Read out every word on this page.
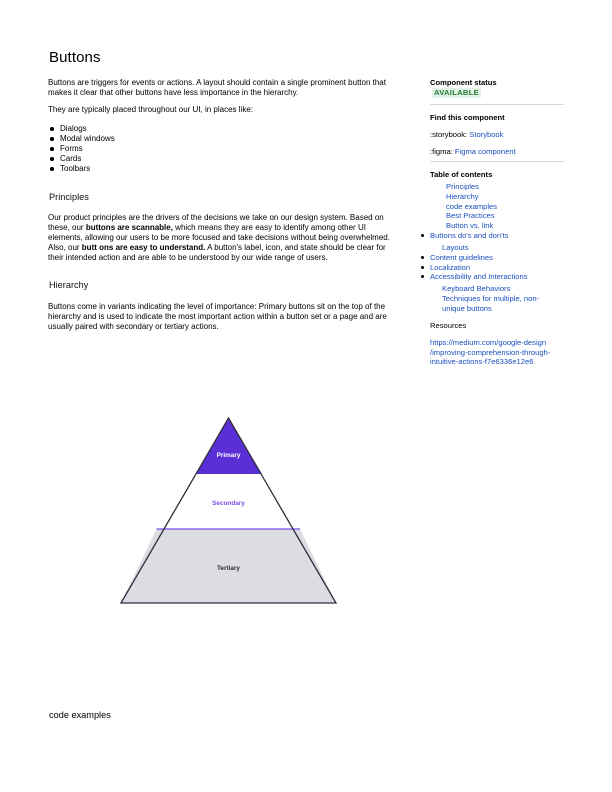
Buttons

Buttons are triggers for events or actions. A layout should contain a single prominent button that makes it clear that other buttons have less importance in the hierarchy.

They are typically placed throughout our UI, in places like:

Dialogs
Modal windows
Forms
Cards
Toolbars
Principles

Our product principles are the drivers of the decisions we take on our design system. Based on these, our buttons are scannable, which means they are easy to identify among other UI elements, allowing our users to be more focused and take decisions without being overwhelmed. Also, our butt ons are easy to understand. A button's label, icon, and state should be clear for their intended action and are able to be understood by our wide range of users.

Hierarchy

Buttons come in variants indicating the level of importance: Primary buttons sit on the top of the hierarchy and is used to indicate the most important action within a button set or a page and are usually paired with secondary or tertiary actions.

Primary
Secondary
Tertiary
code examples
Component status
AVAILABLE
Find this component
:storybook: Storybook
:figma: Figma component
Table of contents
Principles
Hierarchy
code examples
Best Practices
Button vs. link
Buttons do's and don'ts
Layouts
Content guidelines
Localization
Accessibility and Interactions
Keyboard Behaviors
Techniques for multiple, non-
unique buttons
Resources
https://medium.com/google-design
/improving-comprehension-through-
intuitive-actions-f7e6336e12e6
